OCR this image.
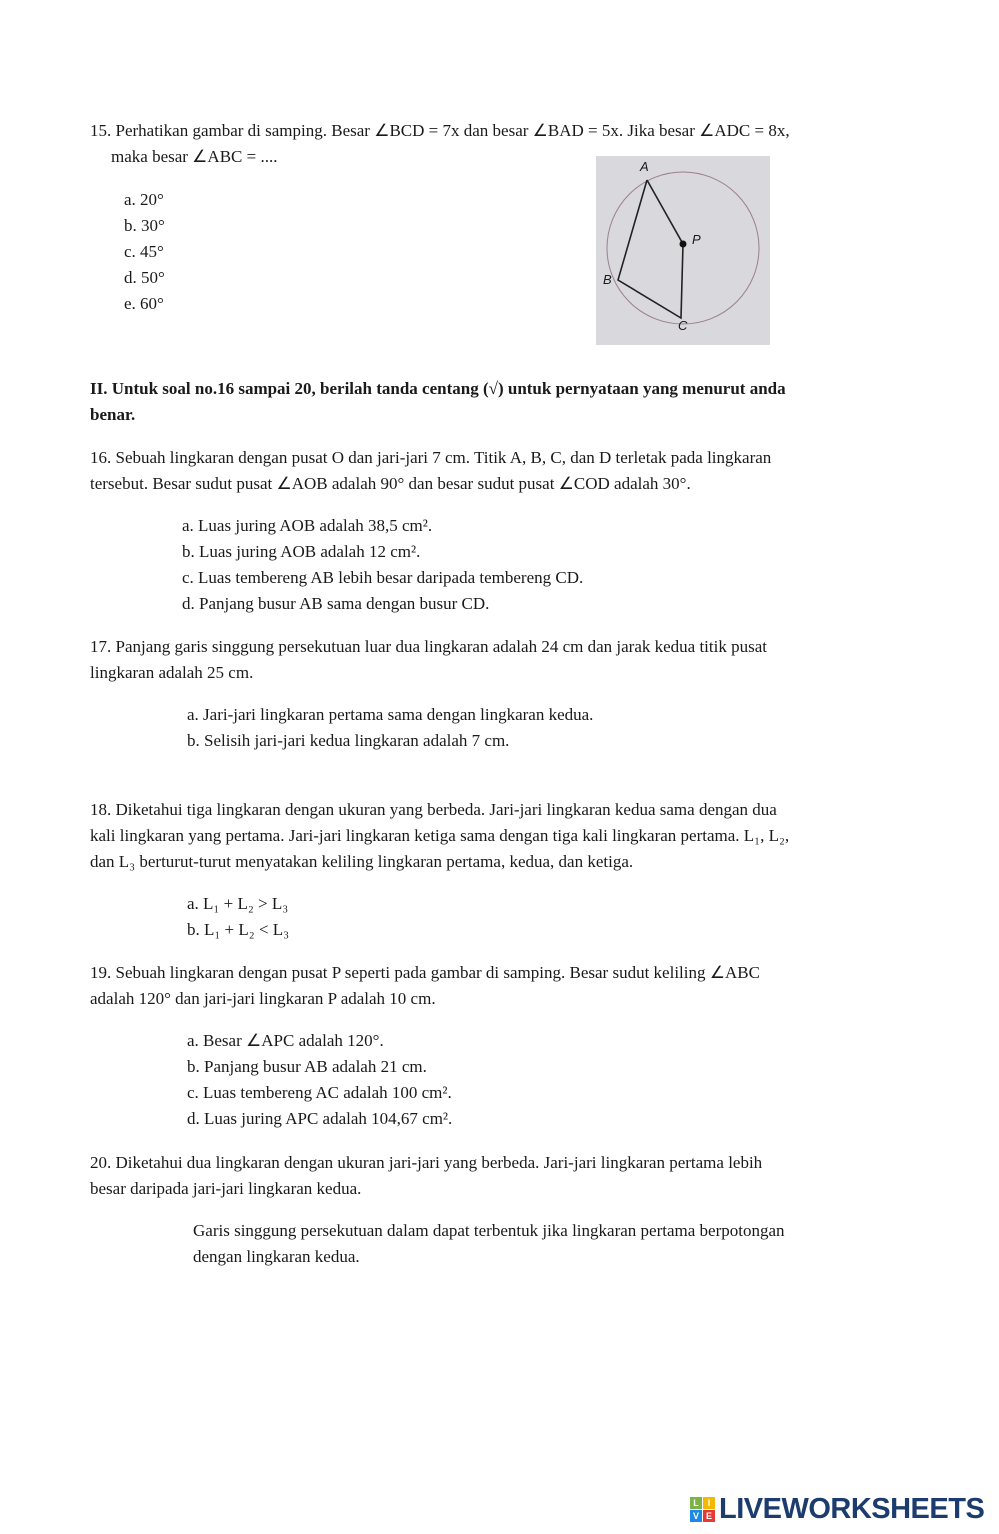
15. Perhatikan gambar di samping. Besar ∠BCD = 7x dan besar ∠BAD = 5x. Jika besar ∠ADC = 8x,
maka besar ∠ABC = ....
a. 20°
b. 30°
c. 45°
d. 50°
e. 60°
A
P
B
C
II. Untuk soal no.16 sampai 20, berilah tanda centang (√) untuk pernyataan yang menurut anda
benar.
16. Sebuah lingkaran dengan pusat O dan jari-jari 7 cm. Titik A, B, C, dan D terletak pada lingkaran
tersebut. Besar sudut pusat ∠AOB adalah 90° dan besar sudut pusat ∠COD adalah 30°.
a. Luas juring AOB adalah 38,5 cm².
b. Luas juring AOB adalah 12 cm².
c. Luas tembereng AB lebih besar daripada tembereng CD.
d. Panjang busur AB sama dengan busur CD.
17. Panjang garis singgung persekutuan luar dua lingkaran adalah 24 cm dan jarak kedua titik pusat
lingkaran adalah 25 cm.
a. Jari-jari lingkaran pertama sama dengan lingkaran kedua.
b. Selisih jari-jari kedua lingkaran adalah 7 cm.
18. Diketahui tiga lingkaran dengan ukuran yang berbeda. Jari-jari lingkaran kedua sama dengan dua
kali lingkaran yang pertama. Jari-jari lingkaran ketiga sama dengan tiga kali lingkaran pertama. L₁, L₂,
dan L₃ berturut-turut menyatakan keliling lingkaran pertama, kedua, dan ketiga.
a. L₁ + L₂ > L₃
b. L₁ + L₂ < L₃
19. Sebuah lingkaran dengan pusat P seperti pada gambar di samping. Besar sudut keliling ∠ABC
adalah 120° dan jari-jari lingkaran P adalah 10 cm.
a. Besar ∠APC adalah 120°.
b. Panjang busur AB adalah 21 cm.
c. Luas tembereng AC adalah 100 cm².
d. Luas juring APC adalah 104,67 cm².
20. Diketahui dua lingkaran dengan ukuran jari-jari yang berbeda. Jari-jari lingkaran pertama lebih
besar daripada jari-jari lingkaran kedua.
Garis singgung persekutuan dalam dapat terbentuk jika lingkaran pertama berpotongan
dengan lingkaran kedua.
L I
V E LIVEWORKSHEETS
